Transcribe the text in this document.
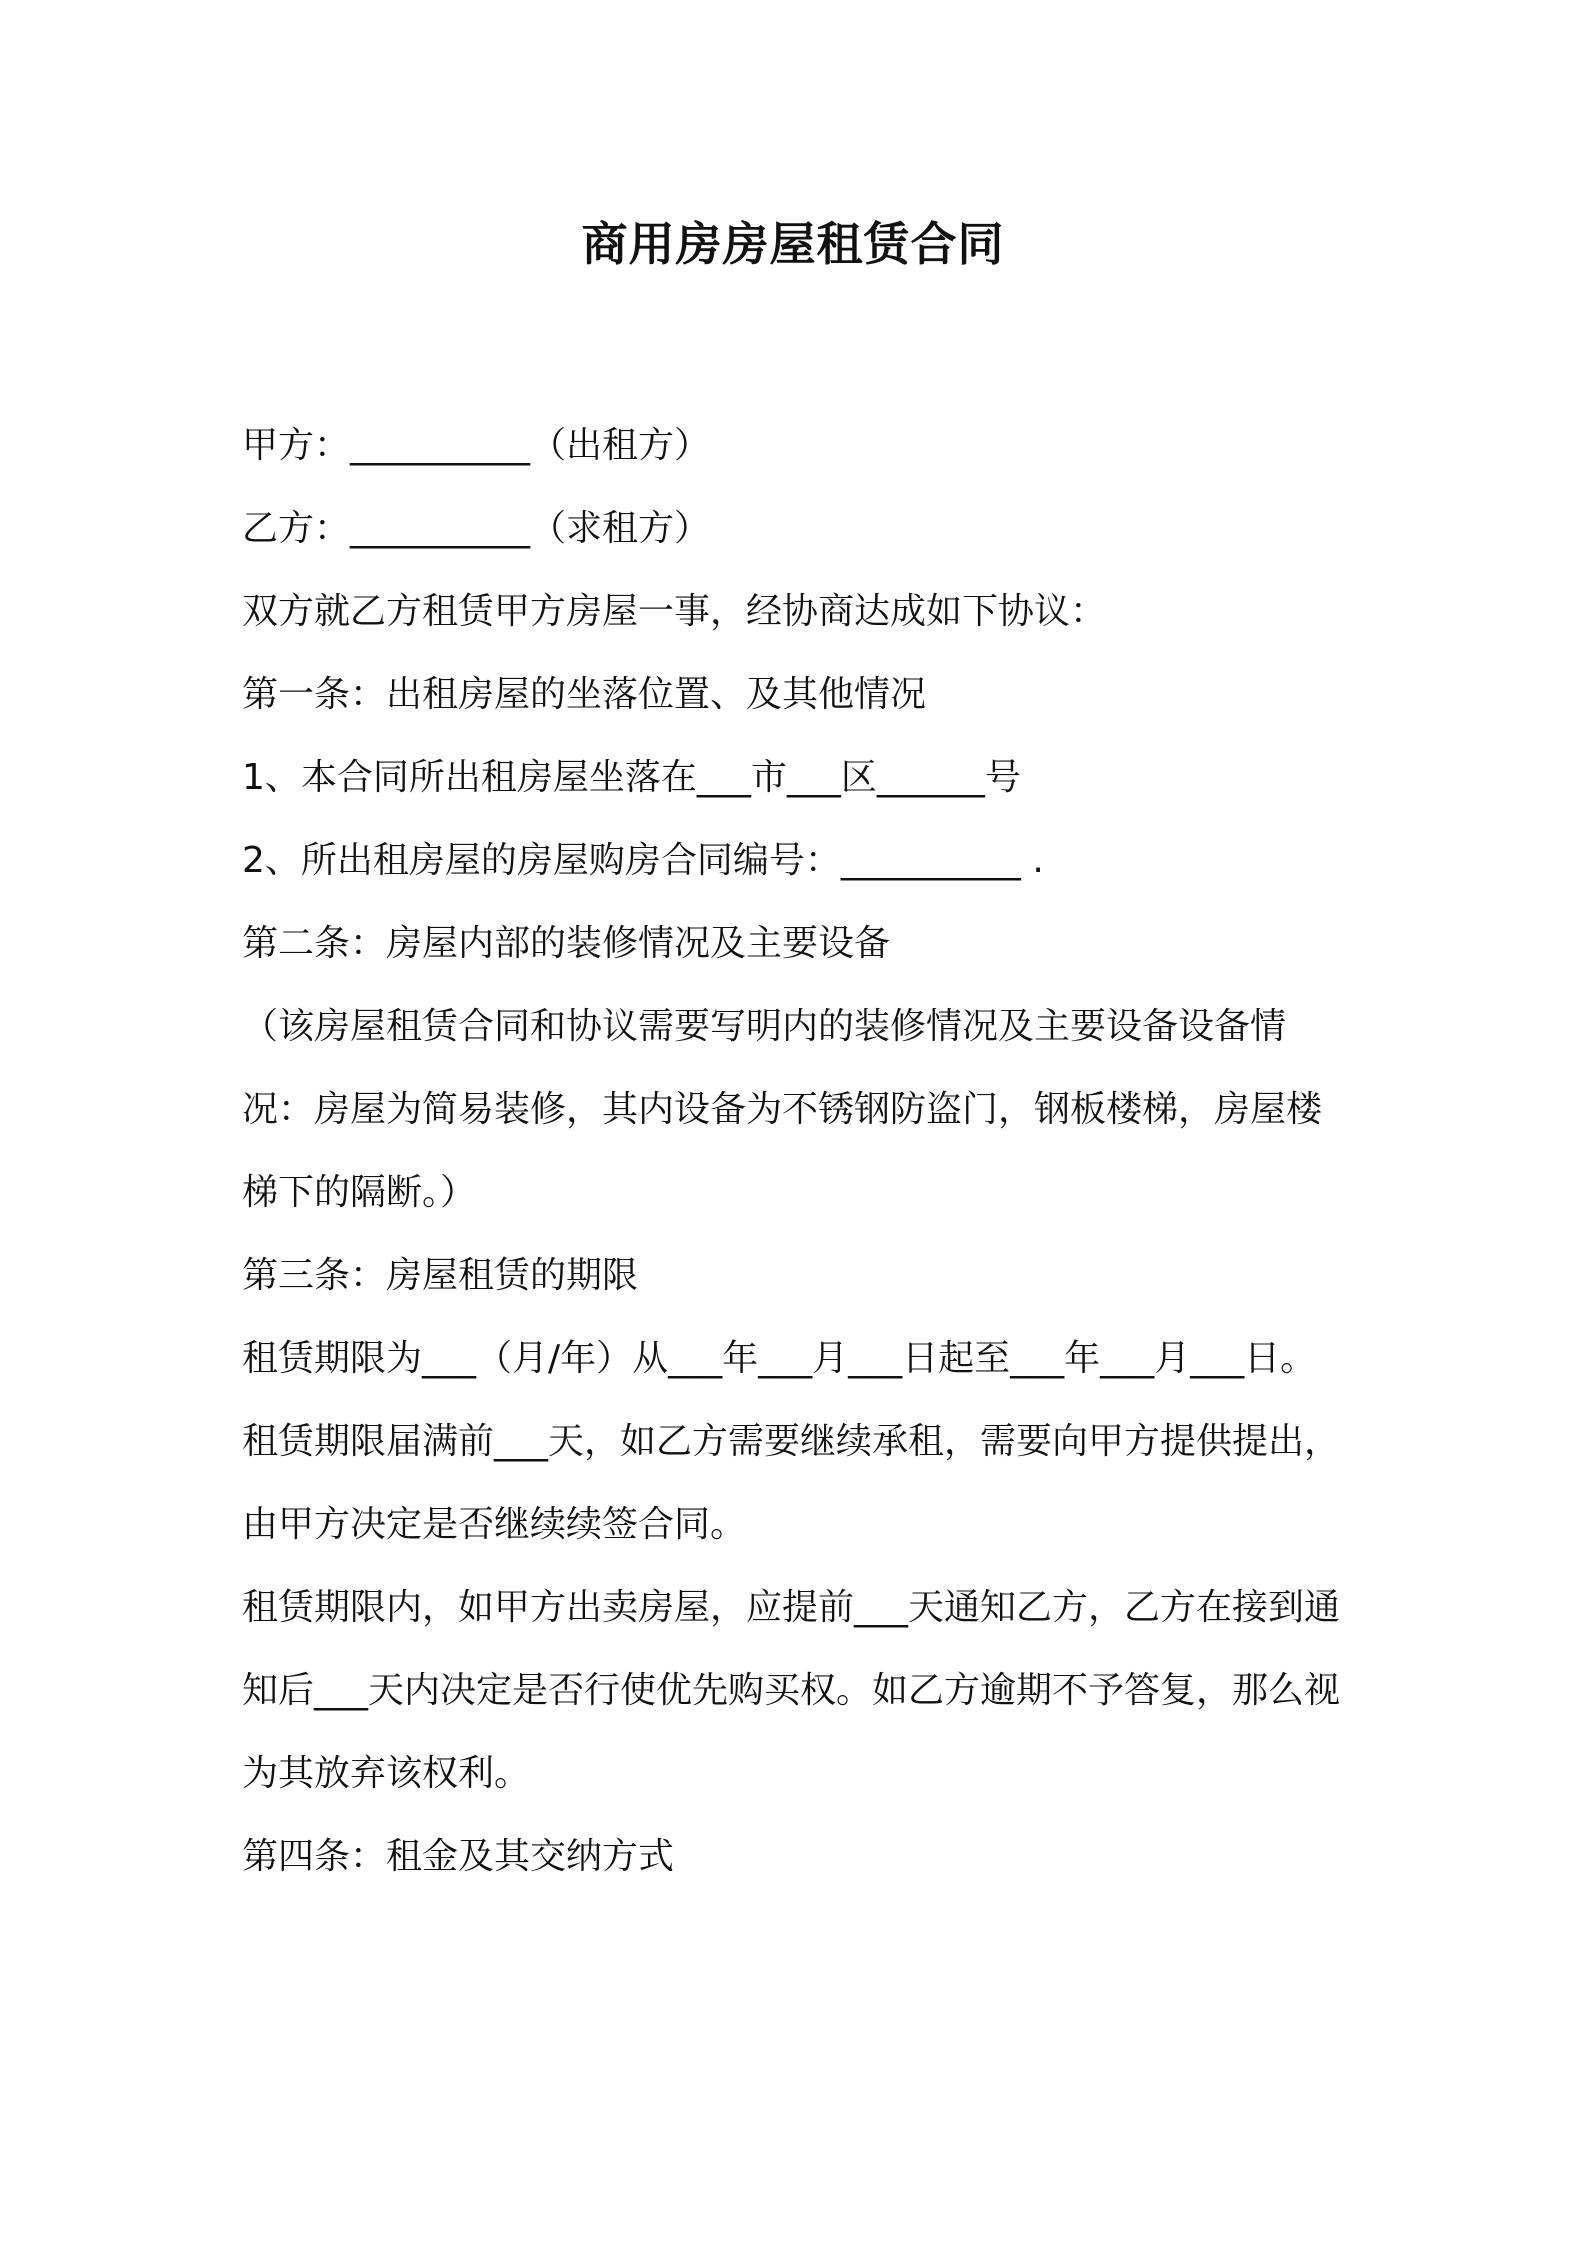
商用房房屋租赁合同

甲方：__________（出租方）

乙方：__________（求租方）

双方就乙方租赁甲方房屋一事，经协商达成如下协议：

第一条：出租房屋的坐落位置、及其他情况

1、本合同所出租房屋坐落在___市___区______号

2、所出租房屋的房屋购房合同编号：__________ .

第二条：房屋内部的装修情况及主要设备

（该房屋租赁合同和协议需要写明内的装修情况及主要设备设备情况：房屋为简易装修，其内设备为不锈钢防盗门，钢板楼梯，房屋楼梯下的隔断。）

第三条：房屋租赁的期限

租赁期限为___（月/年）从___年___月___日起至___年___月___日。

租赁期限届满前___天，如乙方需要继续承租，需要向甲方提供提出，由甲方决定是否继续续签合同。

租赁期限内，如甲方出卖房屋，应提前___天通知乙方，乙方在接到通知后___天内决定是否行使优先购买权。如乙方逾期不予答复，那么视为其放弃该权利。

第四条：租金及其交纳方式
